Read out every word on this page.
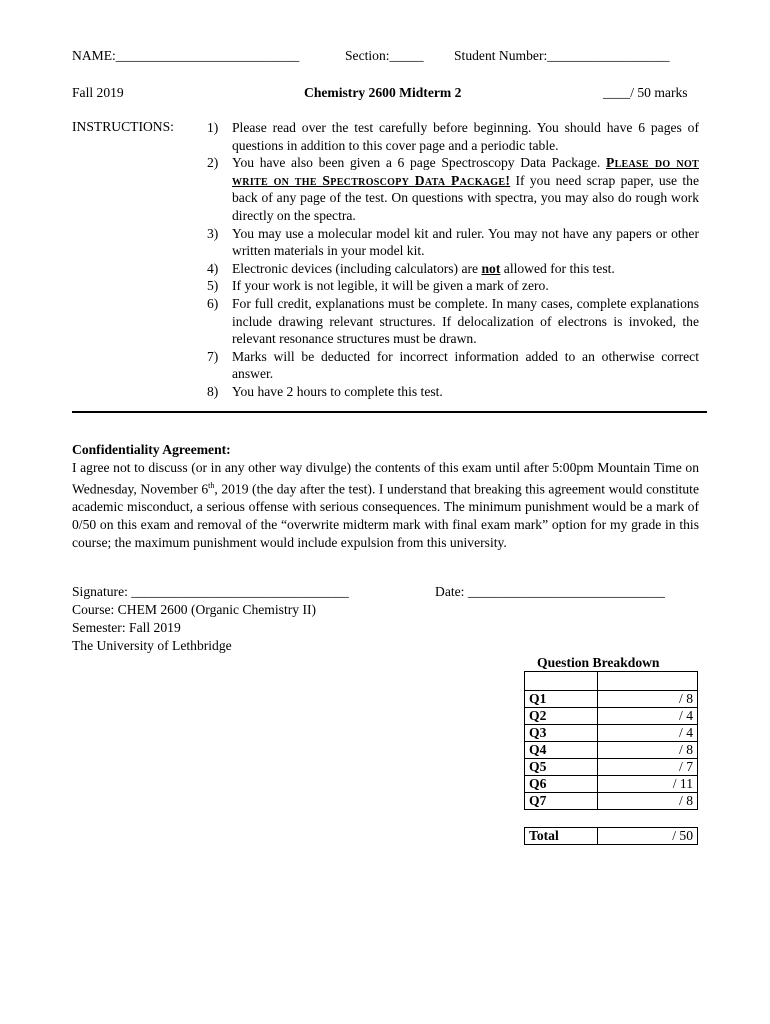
NAME:___________________________	Section:_____ Student Number:__________________
Fall 2019	Chemistry 2600 Midterm 2	____/ 50 marks
INSTRUCTIONS: 1) Please read over the test carefully before beginning. You should have 6 pages of questions in addition to this cover page and a periodic table.
2) You have also been given a 6 page Spectroscopy Data Package. Please do not write on the Spectroscopy Data Package! If you need scrap paper, use the back of any page of the test. On questions with spectra, you may also do rough work directly on the spectra.
3) You may use a molecular model kit and ruler. You may not have any papers or other written materials in your model kit.
4) Electronic devices (including calculators) are not allowed for this test.
5) If your work is not legible, it will be given a mark of zero.
6) For full credit, explanations must be complete. In many cases, complete explanations include drawing relevant structures. If delocalization of electrons is invoked, the relevant resonance structures must be drawn.
7) Marks will be deducted for incorrect information added to an otherwise correct answer.
8) You have 2 hours to complete this test.
Confidentiality Agreement:
I agree not to discuss (or in any other way divulge) the contents of this exam until after 5:00pm Mountain Time on Wednesday, November 6th, 2019 (the day after the test). I understand that breaking this agreement would constitute academic misconduct, a serious offense with serious consequences. The minimum punishment would be a mark of 0/50 on this exam and removal of the “overwrite midterm mark with final exam mark” option for my grade in this course; the maximum punishment would include expulsion from this university.
Signature: ________________________________	Date: _____________________________
Course: CHEM 2600 (Organic Chemistry II)
Semester: Fall 2019
The University of Lethbridge
Question Breakdown

Q1	/ 8
Q2	/ 4
Q3	/ 4
Q4	/ 8
Q5	/ 7
Q6	/ 11
Q7	/ 8

Total	/ 50
